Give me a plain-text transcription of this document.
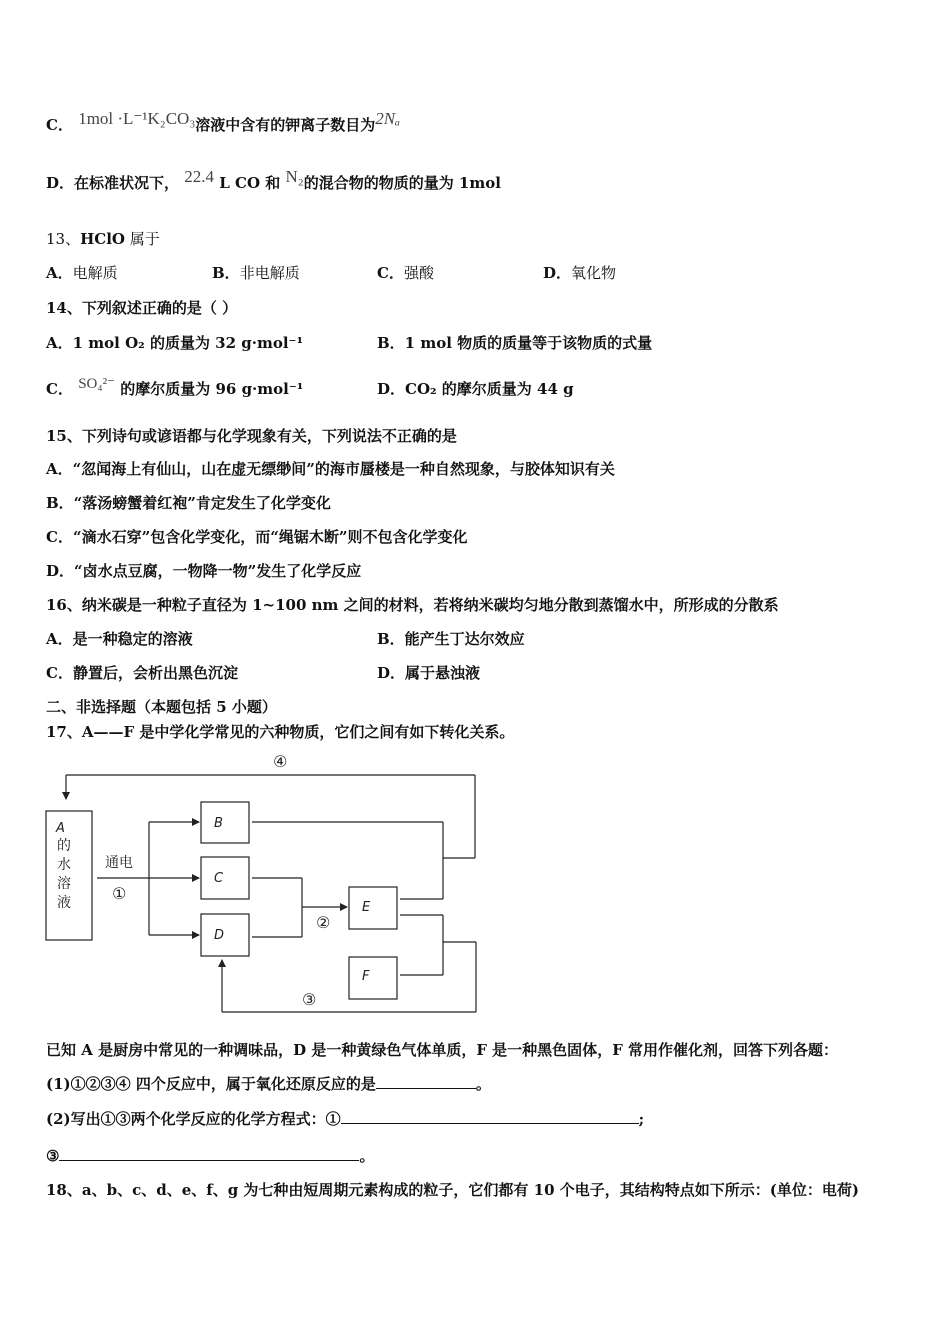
C． 1mol ·L⁻¹K₂CO₃溶液中含有的钾离子数目为2Nₐ
D．在标准状况下， 22.4 L CO 和 N₂的混合物的物质的量为 1mol
13、HClO 属于
A．电解质	B．非电解质	C．强酸	D．氧化物
14、下列叙述正确的是（ ）
A．1 mol O₂ 的质量为 32 g·mol⁻¹	B．1 mol 物质的质量等于该物质的式量
C． SO₄²⁻ 的摩尔质量为 96 g·mol⁻¹	D．CO₂ 的摩尔质量为 44 g
15、下列诗句或谚语都与化学现象有关，下列说法不正确的是
A．“忽闻海上有仙山，山在虚无缥缈间”的海市蜃楼是一种自然现象，与胶体知识有关
B．“落汤螃蟹着红袍”肯定发生了化学变化
C．“滴水石穿”包含化学变化，而“绳锯木断”则不包含化学变化
D．“卤水点豆腐，一物降一物”发生了化学反应
16、纳米碳是一种粒子直径为 1~100 nm 之间的材料，若将纳米碳均匀地分散到蒸馏水中，所形成的分散系
A．是一种稳定的溶液	B．能产生丁达尔效应
C．静置后，会析出黑色沉淀	D．属于悬浊液
二、非选择题（本题包括 5 小题）
17、A——F 是中学化学常见的六种物质，它们之间有如下转化关系。
A
的
水
溶
液
通电
①
②
③
④
B
C
D
E
F
已知 A 是厨房中常见的一种调味品，D 是一种黄绿色气体单质，F 是一种黑色固体，F 常用作催化剂，回答下列各题：
(1)①②③④ 四个反应中，属于氧化还原反应的是	。
(2)写出①③两个化学反应的化学方程式：①	;
③	。
18、a、b、c、d、e、f、g 为七种由短周期元素构成的粒子，它们都有 10 个电子，其结构特点如下所示：(单位：电荷)
